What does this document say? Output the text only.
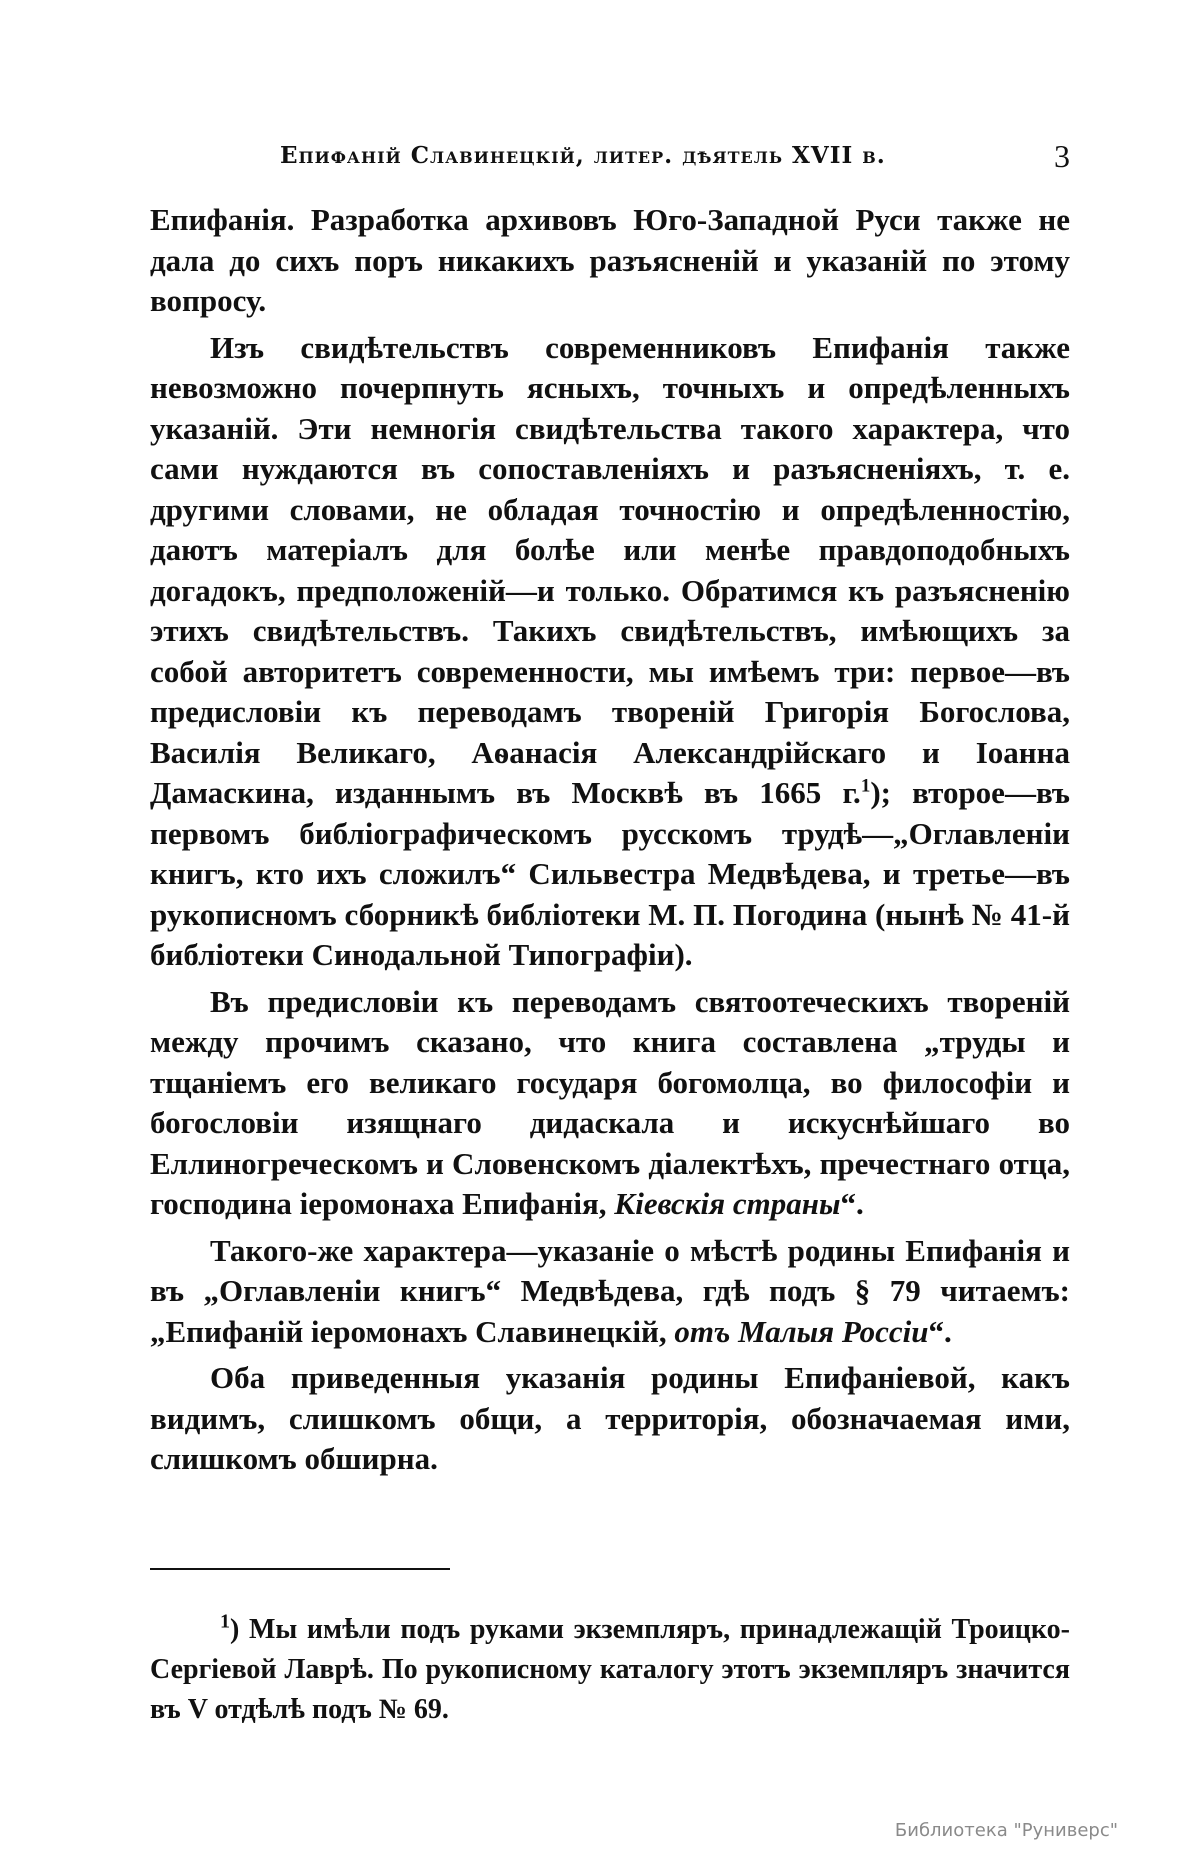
Епифаній Славинецкій, литер. дѣятель XVII в.	3

Епифанія. Разработка архивовъ Юго-Западной Руси также не дала до сихъ поръ никакихъ разъясненій и указаній по этому вопросу.

Изъ свидѣтельствъ современниковъ Епифанія также невозможно почерпнуть ясныхъ, точныхъ и опредѣленныхъ указаній. Эти немногія свидѣтельства такого характера, что сами нуждаются въ сопоставленіяхъ и разъясненіяхъ, т. е. другими словами, не обладая точностію и опредѣленностію, даютъ матеріалъ для болѣе или менѣе правдоподобныхъ догадокъ, предположеній—и только. Обратимся къ разъясненію этихъ свидѣтельствъ. Такихъ свидѣтельствъ, имѣющихъ за собой авторитетъ современности, мы имѣемъ три: первое—въ предисловіи къ переводамъ твореній Григорія Богослова, Василія Великаго, Аѳанасія Александрійскаго и Іоанна Дамаскина, изданнымъ въ Москвѣ въ 1665 г.$^1$); второе—въ первомъ библіографическомъ русскомъ трудѣ—„Оглавленіи книгъ, кто ихъ сложилъ“ Сильвестра Медвѣдева, и третье—въ рукописномъ сборникѣ библіотеки М. П. Погодина (нынѣ № 41-й библіотеки Синодальной Типографіи).

Въ предисловіи къ переводамъ святоотеческихъ твореній между прочимъ сказано, что книга составлена „труды и тщаніемъ его великаго государя богомолца, во философіи и богословіи изящнаго дидаскала и искуснѣйшаго во Еллиногреческомъ и Словенскомъ діалектѣхъ, пречестнаго отца, господина іеромонаха Епифанія, Кіевскія страны“.

Такого-же характера—указаніе о мѣстѣ родины Епифанія и въ „Оглавленіи книгъ“ Медвѣдева, гдѣ подъ § 79 читаемъ: „Епифаній іеромонахъ Славинецкій, отъ Малыя Россіи“.

Оба приведенныя указанія родины Епифаніевой, какъ видимъ, слишкомъ общи, а территорія, обозначаемая ими, слишкомъ обширна.

$^1$) Мы имѣли подъ руками экземпляръ, принадлежащій Троицко-Сергіевой Лаврѣ. По рукописному каталогу этотъ экземпляръ значится въ V отдѣлѣ подъ № 69.

Библиотека "Руниверс"
